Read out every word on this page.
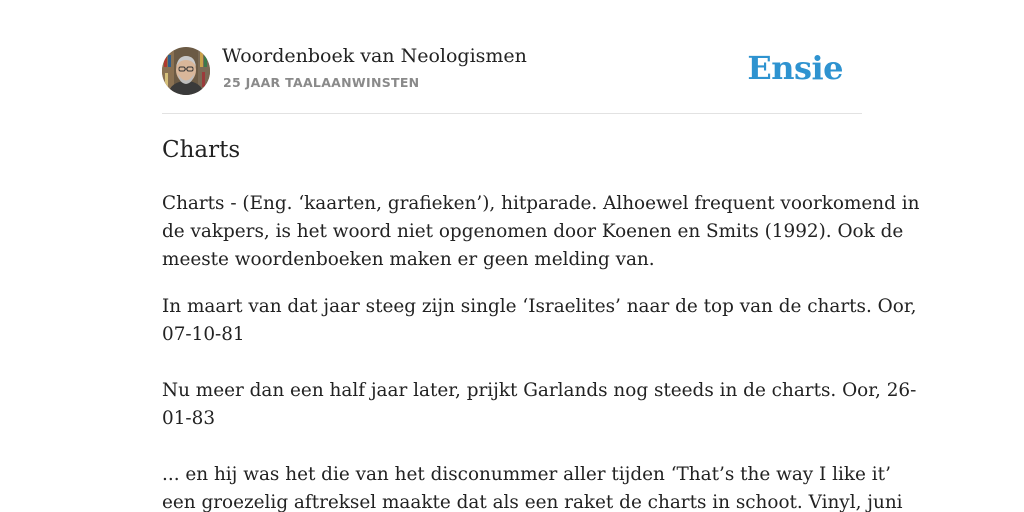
Woordenboek van Neologismen
25 JAAR TAALAANWINSTEN	Ensie
Charts

Charts - (Eng. ‘kaarten, grafieken’), hitparade. Alhoewel frequent voorkomend in
de vakpers, is het woord niet opgenomen door Koenen en Smits (1992). Ook de
meeste woordenboeken maken er geen melding van.

In maart van dat jaar steeg zijn single ‘Israelites’ naar de top van de charts. Oor,
07-10-81

Nu meer dan een half jaar later, prijkt Garlands nog steeds in de charts. Oor, 26-
01-83

... en hij was het die van het disconummer aller tijden ‘That’s the way I like it’
een groezelig aftreksel maakte dat als een raket de charts in schoot. Vinyl, juni
